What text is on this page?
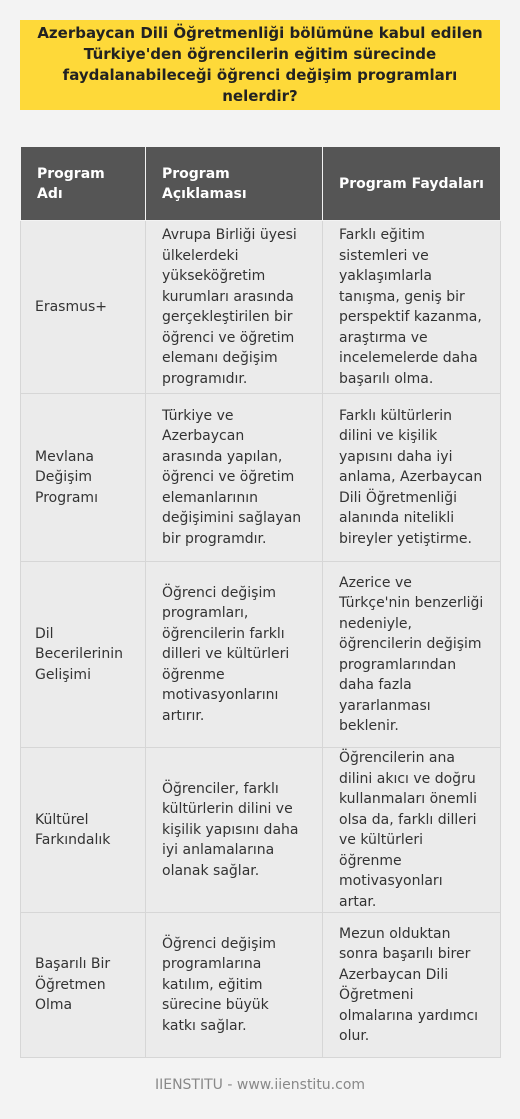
Azerbaycan Dili Öğretmenliği bölümüne kabul edilen Türkiye'den öğrencilerin eğitim sürecinde faydalanabileceği öğrenci değişim programları nelerdir?
Program Adı	Program Açıklaması	Program Faydaları
Erasmus+	Avrupa Birliği üyesi ülkelerdeki yükseköğretim kurumları arasında gerçekleştirilen bir öğrenci ve öğretim elemanı değişim programıdır.	Farklı eğitim sistemleri ve yaklaşımlarla tanışma, geniş bir perspektif kazanma, araştırma ve incelemelerde daha başarılı olma.
Mevlana Değişim Programı	Türkiye ve Azerbaycan arasında yapılan, öğrenci ve öğretim elemanlarının değişimini sağlayan bir programdır.	Farklı kültürlerin dilini ve kişilik yapısını daha iyi anlama, Azerbaycan Dili Öğretmenliği alanında nitelikli bireyler yetiştirme.
Dil Becerilerinin Gelişimi	Öğrenci değişim programları, öğrencilerin farklı dilleri ve kültürleri öğrenme motivasyonlarını artırır.	Azerice ve Türkçe'nin benzerliği nedeniyle, öğrencilerin değişim programlarından daha fazla yararlanması beklenir.
Kültürel Farkındalık	Öğrenciler, farklı kültürlerin dilini ve kişilik yapısını daha iyi anlamalarına olanak sağlar.	Öğrencilerin ana dilini akıcı ve doğru kullanmaları önemli olsa da, farklı dilleri ve kültürleri öğrenme motivasyonları artar.
Başarılı Bir Öğretmen Olma	Öğrenci değişim programlarına katılım, eğitim sürecine büyük katkı sağlar.	Mezun olduktan sonra başarılı birer Azerbaycan Dili Öğretmeni olmalarına yardımcı olur.
IIENSTITU - www.iienstitu.com
